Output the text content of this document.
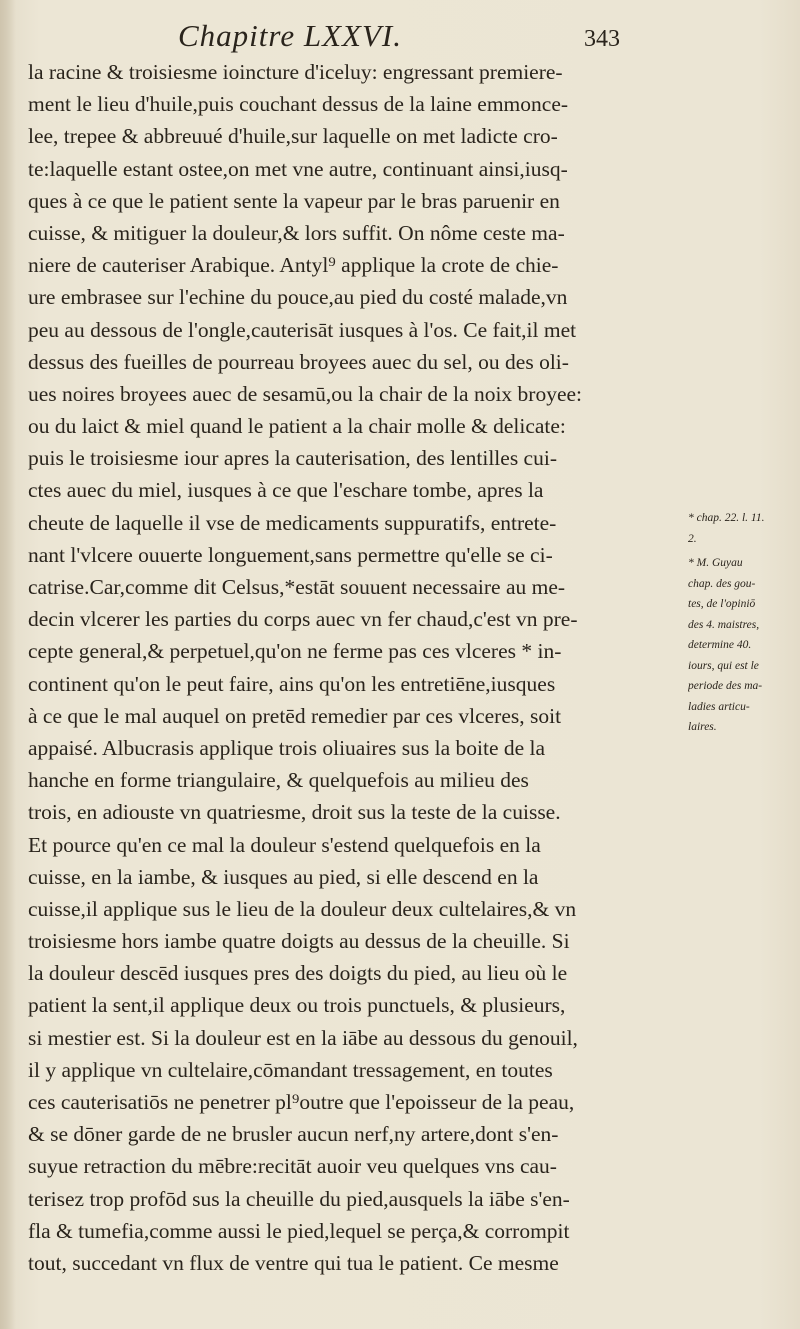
Chapitre LXXVI.	343
la racine & troisiesme ioincture d'iceluy: engressant premiere-
ment le lieu d'huile,puis couchant dessus de la laine emmonce-
lee, trepee & abbreuué d'huile,sur laquelle on met ladicte cro-
te:laquelle estant ostee,on met vne autre, continuant ainsi,iusq-
ques à ce que le patient sente la vapeur par le bras paruenir en
cuisse, & mitiguer la douleur,& lors suffit. On nôme ceste ma-
niere de cauteriser Arabique. Antyl⁹ applique la crote de chie-
ure embrasee sur l'echine du pouce,au pied du costé malade,vn
peu au dessous de l'ongle,cauterisāt iusques à l'os. Ce fait,il met
dessus des fueilles de pourreau broyees auec du sel, ou des oli-
ues noires broyees auec de sesamū,ou la chair de la noix broyee:
ou du laict & miel quand le patient a la chair molle & delicate:
puis le troisiesme iour apres la cauterisation, des lentilles cui-
ctes auec du miel, iusques à ce que l'eschare tombe, apres la
cheute de laquelle il vse de medicaments suppuratifs, entrete-
nant l'vlcere ouuerte longuement,sans permettre qu'elle se ci-
catrise.Car,comme dit Celsus,*estāt souuent necessaire au me-
decin vlcerer les parties du corps auec vn fer chaud,c'est vn pre-
cepte general,& perpetuel,qu'on ne ferme pas ces vlceres * in-
continent qu'on le peut faire, ains qu'on les entretiēne,iusques
à ce que le mal auquel on pretēd remedier par ces vlceres, soit
appaisé. Albucrasis applique trois oliuaires sus la boite de la
hanche en forme triangulaire, & quelquefois au milieu des
trois, en adiouste vn quatriesme, droit sus la teste de la cuisse.
Et pource qu'en ce mal la douleur s'estend quelquefois en la
cuisse, en la iambe, & iusques au pied, si elle descend en la
cuisse,il applique sus le lieu de la douleur deux cultelaires,& vn
troisiesme hors iambe quatre doigts au dessus de la cheuille. Si
la douleur descēd iusques pres des doigts du pied, au lieu où le
patient la sent,il applique deux ou trois punctuels, & plusieurs,
si mestier est. Si la douleur est en la iābe au dessous du genouil,
il y applique vn cultelaire,cōmandant tressagement, en toutes
ces cauterisatiōs ne penetrer pl⁹outre que l'epoisseur de la peau,
& se dōner garde de ne brusler aucun nerf,ny artere,dont s'en-
suyue retraction du mēbre:recitāt auoir veu quelques vns cau-
terisez trop profōd sus la cheuille du pied,ausquels la iābe s'en-
fla & tumefia,comme aussi le pied,lequel se perça,& corrompit
tout, succedant vn flux de ventre qui tua le patient. Ce mesme
* chap. 22. l. 11.
2.
* M. Guyau
chap. des gou-
tes, de l'opiniō
des 4. maistres,
determine 40.
iours, qui est le
periode des ma-
ladies articu-
laires.
